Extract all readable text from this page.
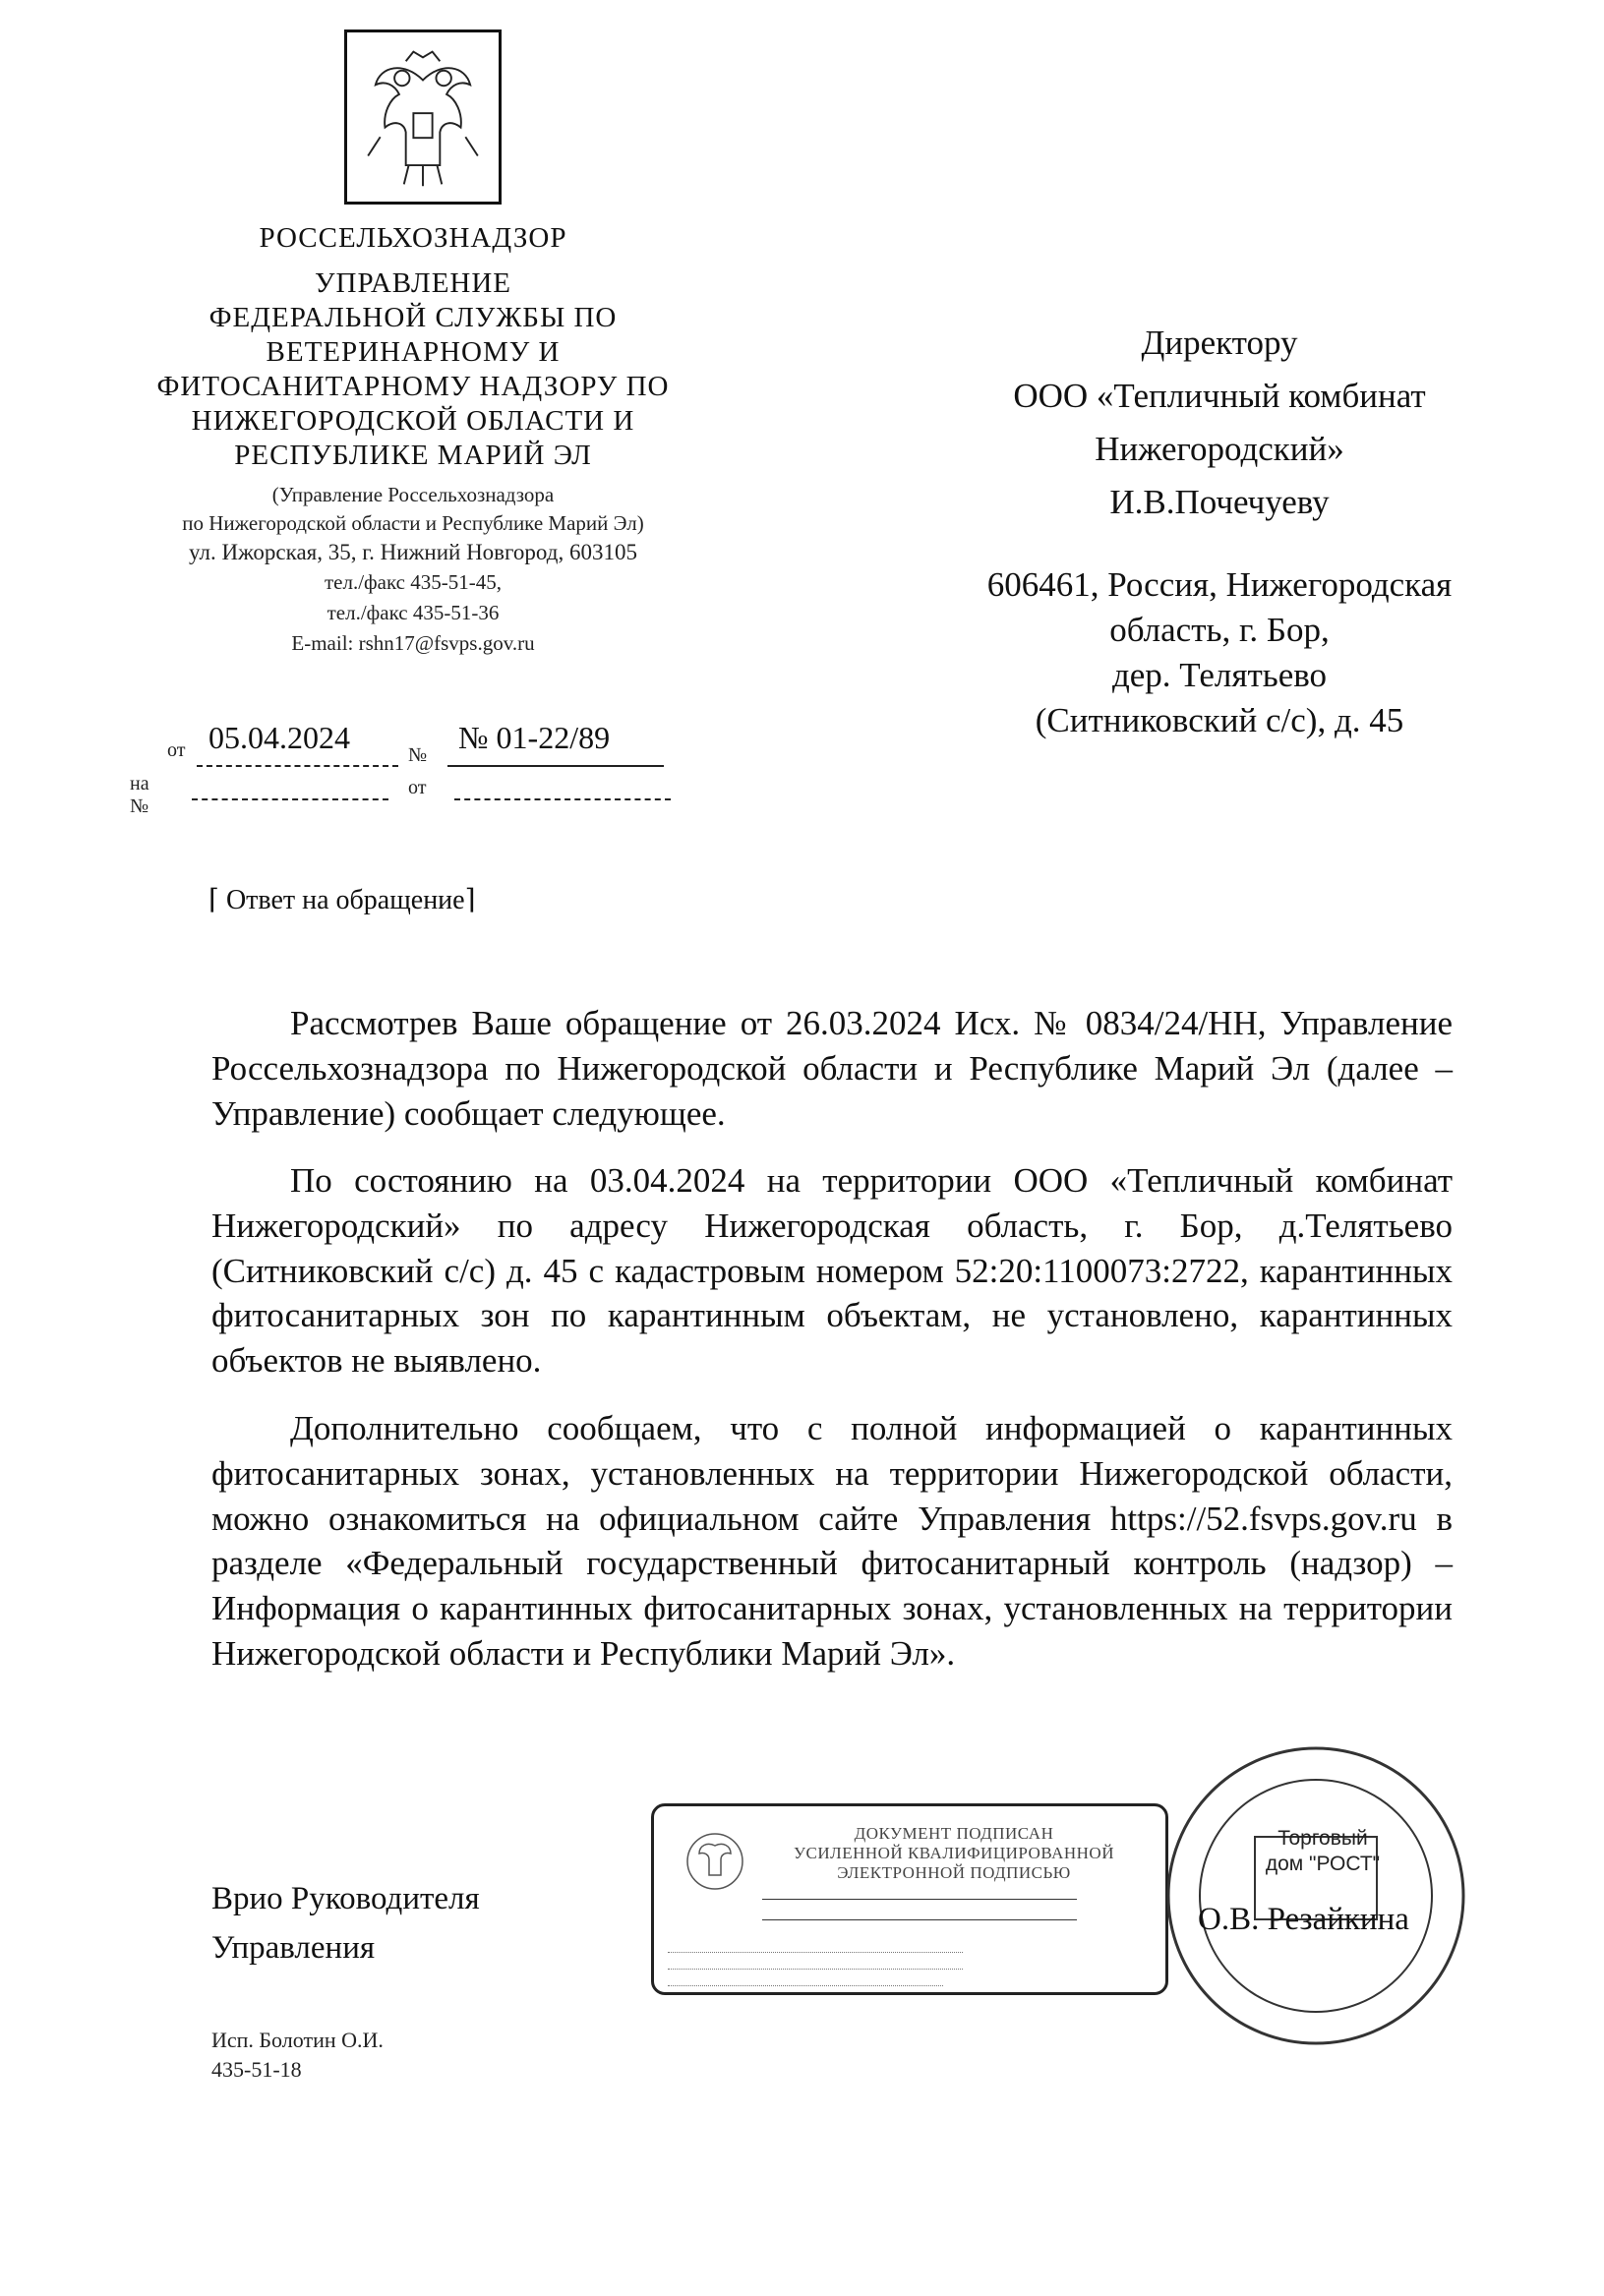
РОССЕЛЬХОЗНАДЗОР
УПРАВЛЕНИЕ
ФЕДЕРАЛЬНОЙ СЛУЖБЫ ПО
ВЕТЕРИНАРНОМУ И
ФИТОСАНИТАРНОМУ НАДЗОРУ ПО
НИЖЕГОРОДСКОЙ ОБЛАСТИ И
РЕСПУБЛИКЕ МАРИЙ ЭЛ
(Управление Россельхознадзора
по Нижегородской области и Республике Марий Эл)
ул. Ижорская, 35, г. Нижний Новгород, 603105
тел./факс 435-51-45,
тел./факс 435-51-36
E-mail: rshn17@fsvps.gov.ru
от 05.04.2024	№ № 01-22/89
на №
от
Директору
ООО «Тепличный комбинат
Нижегородский»
И.В.Почечуеву
606461, Россия, Нижегородская
область, г. Бор,
дер. Телятьево
(Ситниковский с/с), д. 45
⌈ Ответ на обращение⌉
Рассмотрев Ваше обращение от 26.03.2024 Исх. № 0834/24/НН, Управление Россельхознадзора по Нижегородской области и Республике Марий Эл (далее – Управление) сообщает следующее.
По состоянию на 03.04.2024 на территории ООО «Тепличный комбинат Нижегородский» по адресу Нижегородская область, г. Бор, д.Телятьево (Ситниковский с/с) д. 45 с кадастровым номером 52:20:1100073:2722, карантинных фитосанитарных зон по карантинным объектам, не установлено, карантинных объектов не выявлено.
Дополнительно сообщаем, что с полной информацией о карантинных фитосанитарных зонах, установленных на территории Нижегородской области, можно ознакомиться на официальном сайте Управления https://52.fsvps.gov.ru в разделе «Федеральный государственный фитосанитарный контроль (надзор) – Информация о карантинных фитосанитарных зонах, установленных на территории Нижегородской области и Республики Марий Эл».
Врио Руководителя
Управления
ДОКУМЕНТ ПОДПИСАН
УСИЛЕННОЙ КВАЛИФИЦИРОВАННОЙ
ЭЛЕКТРОННОЙ ПОДПИСЬЮ

Торговый
дом "РОСТ"
О.В. Резайкина
Исп. Болотин О.И.
435-51-18
